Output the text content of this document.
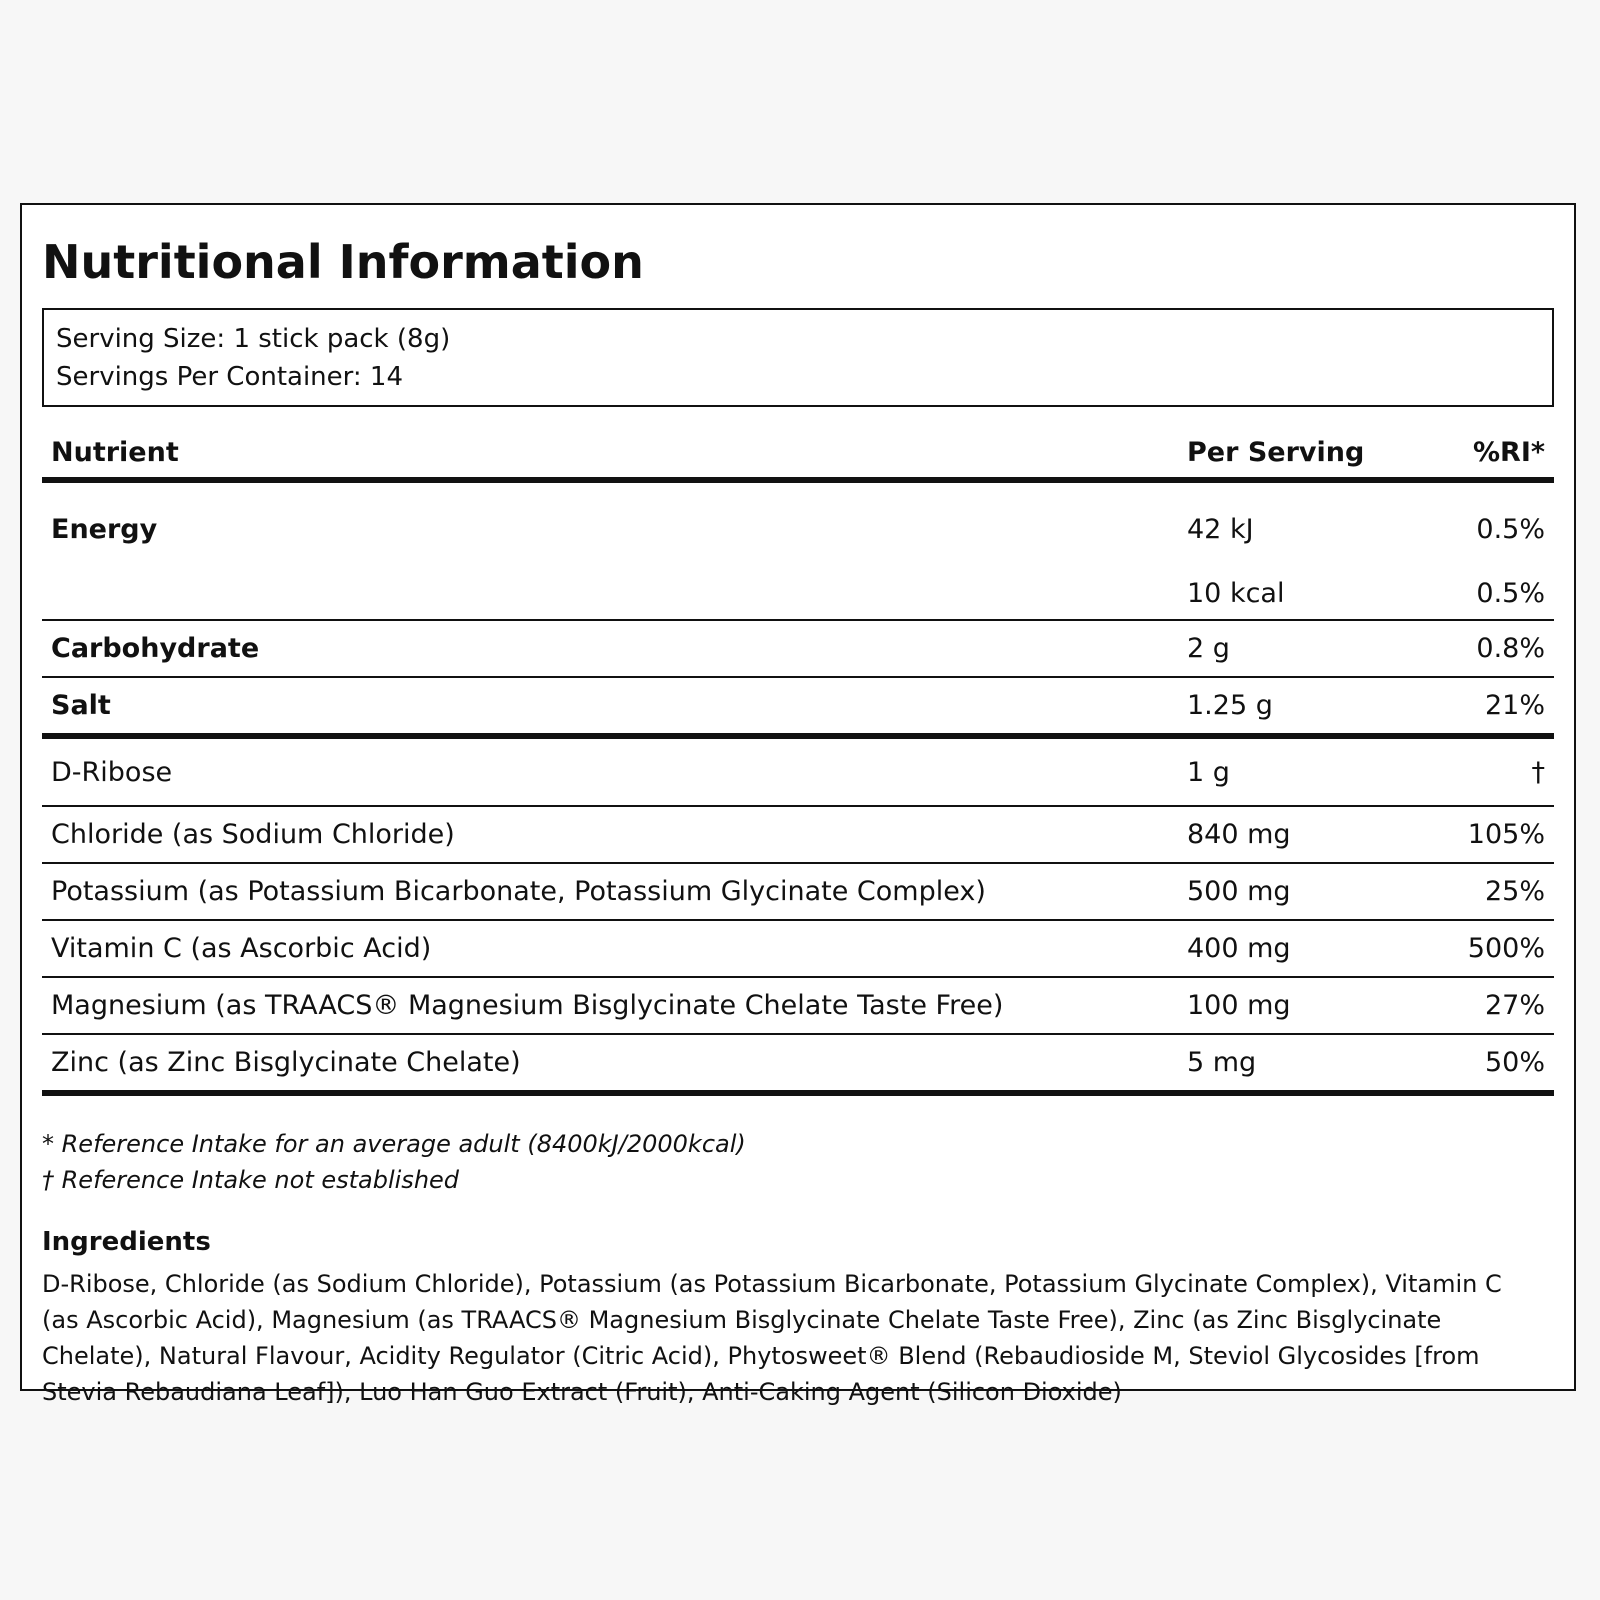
Nutritional Information
Serving Size: 1 stick pack (8g)
Servings Per Container: 14
Nutrient	Per Serving	%RI*
Energy	42 kJ	0.5%
	10 kcal	0.5%
Carbohydrate	2 g	0.8%
Salt	1.25 g	21%
D-Ribose	1 g	†
Chloride (as Sodium Chloride)	840 mg	105%
Potassium (as Potassium Bicarbonate, Potassium Glycinate Complex)	500 mg	25%
Vitamin C (as Ascorbic Acid)	400 mg	500%
Magnesium (as TRAACS® Magnesium Bisglycinate Chelate Taste Free)	100 mg	27%
Zinc (as Zinc Bisglycinate Chelate)	5 mg	50%
* Reference Intake for an average adult (8400kJ/2000kcal)
† Reference Intake not established
Ingredients
D-Ribose, Chloride (as Sodium Chloride), Potassium (as Potassium Bicarbonate, Potassium Glycinate Complex), Vitamin C (as Ascorbic Acid), Magnesium (as TRAACS® Magnesium Bisglycinate Chelate Taste Free), Zinc (as Zinc Bisglycinate Chelate), Natural Flavour, Acidity Regulator (Citric Acid), Phytosweet® Blend (Rebaudioside M, Steviol Glycosides [from Stevia Rebaudiana Leaf]), Luo Han Guo Extract (Fruit), Anti-Caking Agent (Silicon Dioxide)
